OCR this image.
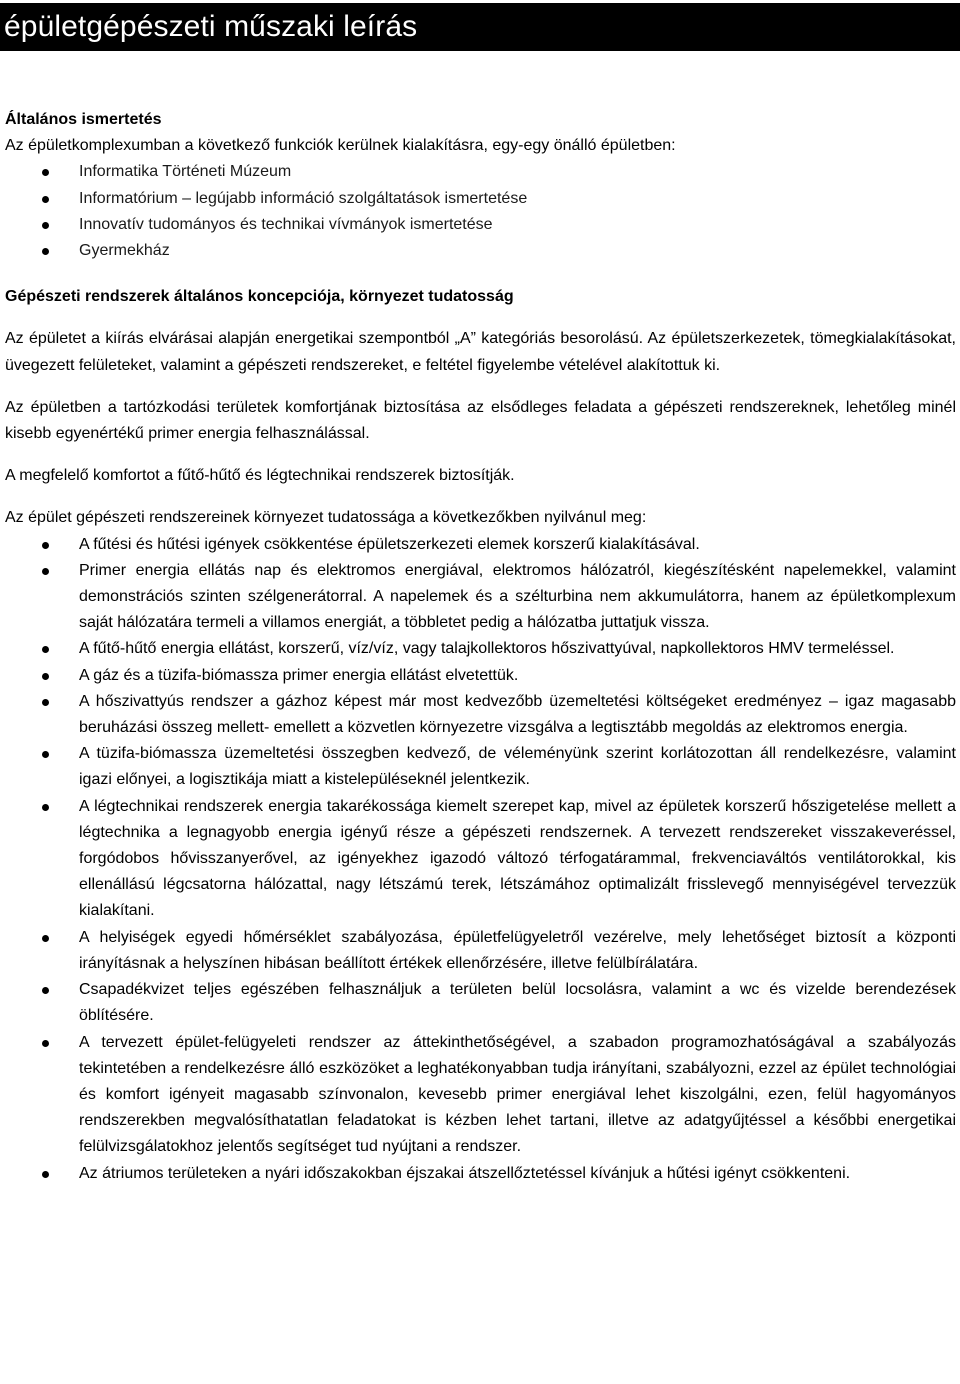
épületgépészeti műszaki leírás

Általános ismertetés

Az épületkomplexumban a következő funkciók kerülnek kialakításra, egy-egy önálló épületben:

Informatika Történeti Múzeum
Informatórium – legújabb információ szolgáltatások ismertetése
Innovatív tudományos és technikai vívmányok ismertetése
Gyermekház

Gépészeti rendszerek általános koncepciója, környezet tudatosság

Az épületet a kiírás elvárásai alapján energetikai szempontból „A” kategóriás besorolású. Az épületszerkezetek, tömegkialakításokat, üvegezett felületeket, valamint a gépészeti rendszereket, e feltétel figyelembe vételével alakítottuk ki.

Az épületben a tartózkodási területek komfortjának biztosítása az elsődleges feladata a gépészeti rendszereknek, lehetőleg minél kisebb egyenértékű primer energia felhasználással.

A megfelelő komfortot a fűtő-hűtő és légtechnikai rendszerek biztosítják.

Az épület gépészeti rendszereinek környezet tudatossága a következőkben nyilvánul meg:

A fűtési és hűtési igények csökkentése épületszerkezeti elemek korszerű kialakításával.
Primer energia ellátás nap és elektromos energiával, elektromos hálózatról, kiegészítésként napelemekkel, valamint demonstrációs szinten szélgenerátorral. A napelemek és a szélturbina nem akkumulátorra, hanem az épületkomplexum saját hálózatára termeli a villamos energiát, a többletet pedig a hálózatba juttatjuk vissza.
A fűtő-hűtő energia ellátást, korszerű, víz/víz, vagy talajkollektoros hőszivattyúval, napkollektoros HMV termeléssel.
A gáz és a tüzifa-biómassza primer energia ellátást elvetettük.
A hőszivattyús rendszer a gázhoz képest már most kedvezőbb üzemeltetési költségeket eredményez – igaz magasabb beruházási összeg mellett- emellett a közvetlen környezetre vizsgálva a legtisztább megoldás az elektromos energia.
A tüzifa-biómassza üzemeltetési összegben kedvező, de véleményünk szerint korlátozottan áll rendelkezésre, valamint igazi előnyei, a logisztikája miatt a kistelepüléseknél jelentkezik.
A légtechnikai rendszerek energia takarékossága kiemelt szerepet kap, mivel az épületek korszerű hőszigetelése mellett a légtechnika a legnagyobb energia igényű része a gépészeti rendszernek. A tervezett rendszereket visszakeveréssel, forgódobos hővisszanyerővel, az igényekhez igazodó változó térfogatárammal, frekvenciaváltós ventilátorokkal, kis ellenállású légcsatorna hálózattal, nagy létszámú terek, létszámához optimalizált frisslevegő mennyiségével tervezzük kialakítani.
A helyiségek egyedi hőmérséklet szabályozása, épületfelügyeletről vezérelve, mely lehetőséget biztosít a központi irányításnak a helyszínen hibásan beállított értékek ellenőrzésére, illetve felülbírálatára.
Csapadékvizet teljes egészében felhasználjuk a területen belül locsolásra, valamint a wc és vizelde berendezések öblítésére.
A tervezett épület-felügyeleti rendszer az áttekinthetőségével, a szabadon programozhatóságával a szabályozás tekintetében a rendelkezésre álló eszközöket a leghatékonyabban tudja irányítani, szabályozni, ezzel az épület technológiai és komfort igényeit magasabb színvonalon, kevesebb primer energiával lehet kiszolgálni, ezen, felül hagyományos rendszerekben megvalósíthatatlan feladatokat is kézben lehet tartani, illetve az adatgyűjtéssel a későbbi energetikai felülvizsgálatokhoz jelentős segítséget tud nyújtani a rendszer.
Az átriumos területeken a nyári időszakokban éjszakai átszellőztetéssel kívánjuk a hűtési igényt csökkenteni.
